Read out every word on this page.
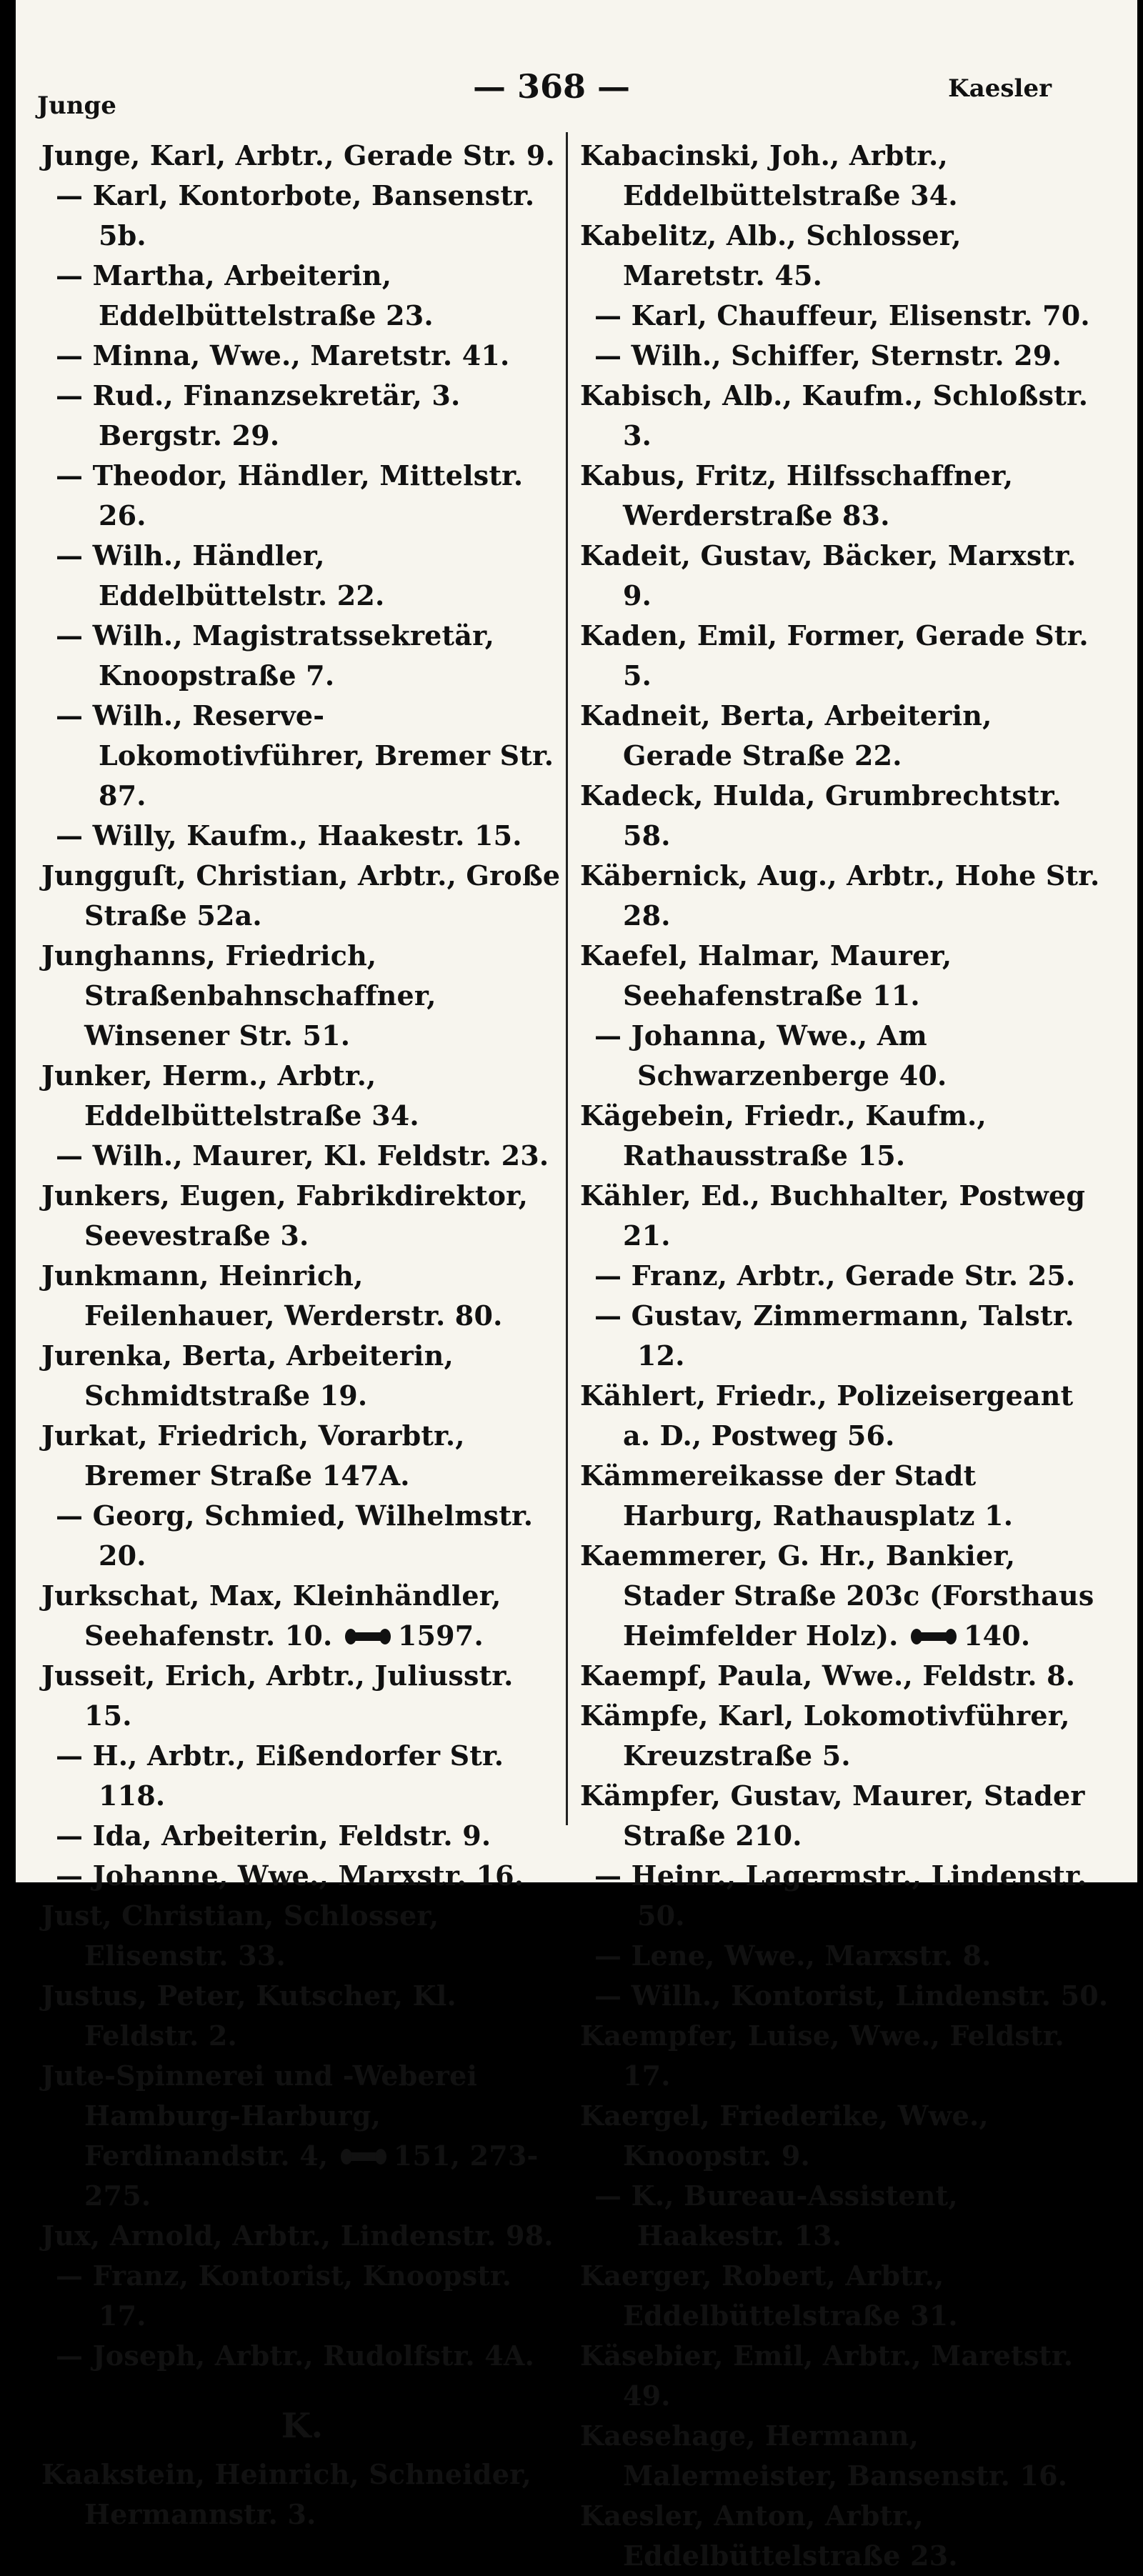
Junge	— 368 —	Kaesler

Junge, Karl, Arbtr., Gerade Str. 9.

— Karl, Kontorbote, Bansenstr. 5b.

— Martha, Arbeiterin, Eddelbüttelstraße 23.

— Minna, Wwe., Maretstr. 41.

— Rud., Finanzsekretär, 3. Bergstr. 29.

— Theodor, Händler, Mittelstr. 26.

— Wilh., Händler, Eddelbüttelstr. 22.

— Wilh., Magistratssekretär, Knoopstraße 7.

— Wilh., Reserve-Lokomotivführer, Bremer Str. 87.

— Willy, Kaufm., Haakestr. 15.

Jungguſt, Christian, Arbtr., Große Straße 52a.

Junghanns, Friedrich, Straßenbahnschaffner, Winsener Str. 51.

Junker, Herm., Arbtr., Eddelbüttelstraße 34.

— Wilh., Maurer, Kl. Feldstr. 23.

Junkers, Eugen, Fabrikdirektor, Seevestraße 3.

Junkmann, Heinrich, Feilenhauer, Werderstr. 80.

Jurenka, Berta, Arbeiterin, Schmidtstraße 19.

Jurkat, Friedrich, Vorarbtr., Bremer Straße 147A.

— Georg, Schmied, Wilhelmstr. 20.

Jurkschat, Max, Kleinhändler, Seehafenstr. 10. 1597.

Jusseit, Erich, Arbtr., Juliusstr. 15.

— H., Arbtr., Eißendorfer Str. 118.

— Ida, Arbeiterin, Feldstr. 9.

— Johanne, Wwe., Marxstr. 16.

Just, Christian, Schlosser, Elisenstr. 33.

Justus, Peter, Kutscher, Kl. Feldstr. 2.

Jute-Spinnerei und -Weberei Hamburg-Harburg, Ferdinandstr. 4, 151, 273-275.

Jux, Arnold, Arbtr., Lindenstr. 98.

— Franz, Kontorist, Knoopstr. 17.

— Joseph, Arbtr., Rudolfstr. 4A.

K.

Kaakstein, Heinrich, Schneider, Hermannstr. 3.

Kabacinski, Joh., Arbtr., Eddelbüttelstraße 34.

Kabelitz, Alb., Schlosser, Maretstr. 45.

— Karl, Chauffeur, Elisenstr. 70.

— Wilh., Schiffer, Sternstr. 29.

Kabisch, Alb., Kaufm., Schloßstr. 3.

Kabus, Fritz, Hilfsschaffner, Werderstraße 83.

Kadeit, Gustav, Bäcker, Marxstr. 9.

Kaden, Emil, Former, Gerade Str. 5.

Kadneit, Berta, Arbeiterin, Gerade Straße 22.

Kadeck, Hulda, Grumbrechtstr. 58.

Käbernick, Aug., Arbtr., Hohe Str. 28.

Kaefel, Halmar, Maurer, Seehafenstraße 11.

— Johanna, Wwe., Am Schwarzenberge 40.

Kägebein, Friedr., Kaufm., Rathausstraße 15.

Kähler, Ed., Buchhalter, Postweg 21.

— Franz, Arbtr., Gerade Str. 25.

— Gustav, Zimmermann, Talstr. 12.

Kählert, Friedr., Polizeisergeant a. D., Postweg 56.

Kämmereikasse der Stadt Harburg, Rathausplatz 1.

Kaemmerer, G. Hr., Bankier, Stader Straße 203c (Forsthaus Heimfelder Holz). 140.

Kaempf, Paula, Wwe., Feldstr. 8.

Kämpfe, Karl, Lokomotivführer, Kreuzstraße 5.

Kämpfer, Gustav, Maurer, Stader Straße 210.

— Heinr., Lagermstr., Lindenstr. 50.

— Lene, Wwe., Marxstr. 8.

— Wilh., Kontorist, Lindenstr. 50.

Kaempfer, Luise, Wwe., Feldstr. 17.

Kaergel, Friederike, Wwe., Knoopstr. 9.

— K., Bureau-Assistent, Haakestr. 13.

Kaerger, Robert, Arbtr., Eddelbüttelstraße 31.

Käsebier, Emil, Arbtr., Maretstr. 49.

Kaesehage, Hermann, Malermeister, Bansenstr. 16.

Kaesler, Anton, Arbtr., Eddelbüttelstraße 23.
